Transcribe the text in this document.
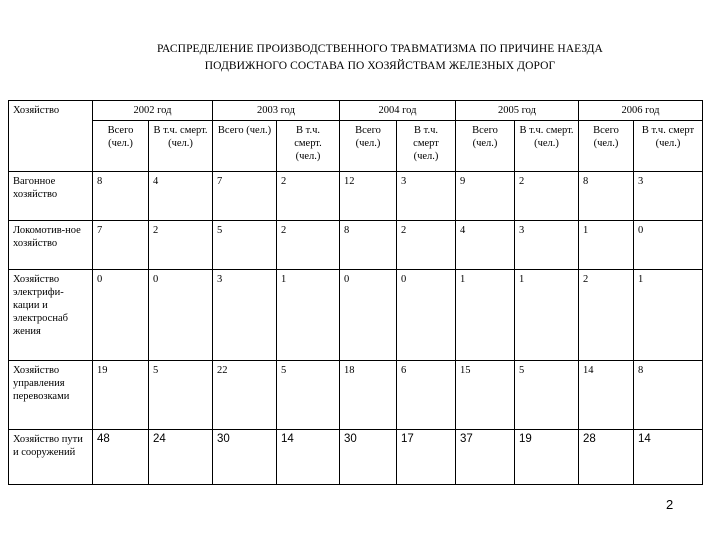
РАСПРЕДЕЛЕНИЕ ПРОИЗВОДСТВЕННОГО ТРАВМАТИЗМА ПО ПРИЧИНЕ НАЕЗДА
ПОДВИЖНОГО СОСТАВА ПО ХОЗЯЙСТВАМ ЖЕЛЕЗНЫХ ДОРОГ
Хозяйство	2002 год		2003 год		2004 год		2005 год		2006 год	
	Всего (чел.)	В т.ч. смерт. (чел.)	Всего (чел.)	В т.ч. смерт. (чел.)	Всего (чел.)	В т.ч. смерт (чел.)	Всего (чел.)	В т.ч. смерт. (чел.)	Всего (чел.)	В т.ч. смерт (чел.)
Вагонное хозяйство	8	4	7	2	12	3	9	2	8	3
Локомотив-ное хозяйство	7	2	5	2	8	2	4	3	1	0
Хозяйство электрифи-кации и электроснаб жения	0	0	3	1	0	0	1	1	2	1
Хозяйство управления перевозками	19	5	22	5	18	6	15	5	14	8
Хозяйство пути и сооружений	48	24	30	14	30	17	37	19	28	14
2
